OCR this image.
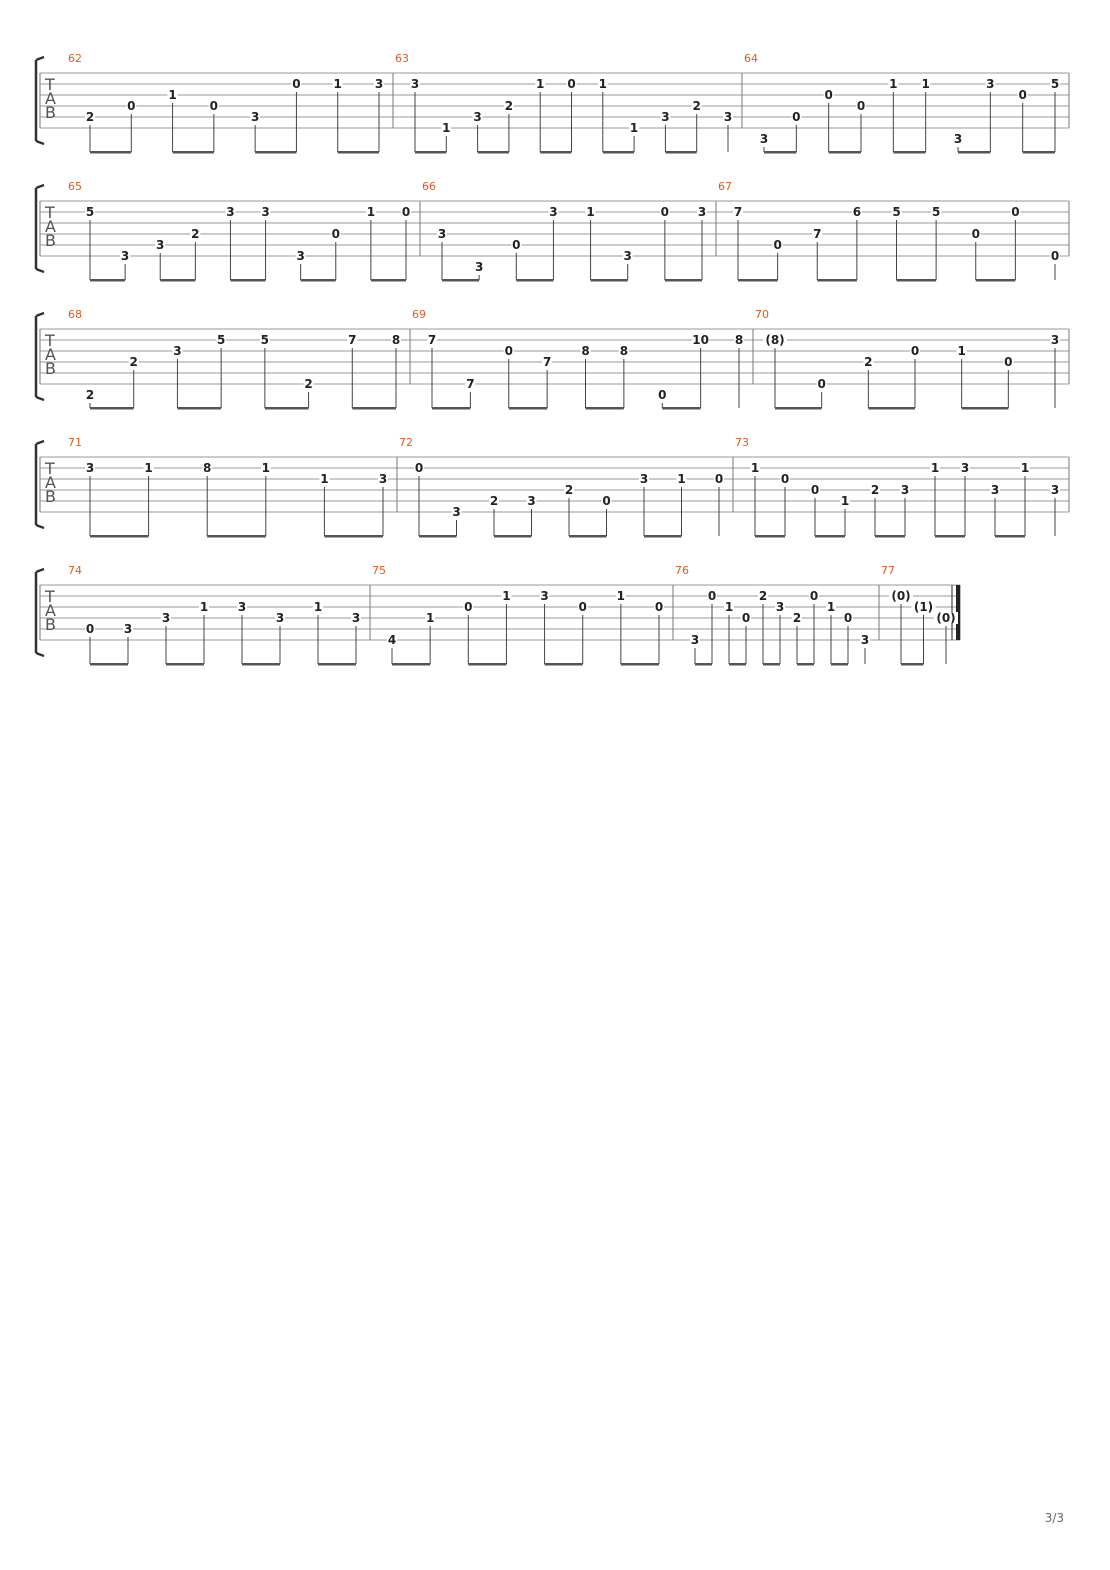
T
A
B
62
2
0
1
0
3
0	1	3
63
3
1
3
2
1 0 1
1
3
2
3
64
3
0
0
0
1 1
3
3
0
5
T
A
B
65
5
3
3
2
3 3
3
0
1 0
66
3
3
0
3 1
3
0 3
67
7
0
7
6	5	5
0
0
0
T
A
B
68
2
2
3
5	5
2
7	8
69
7
7
0
7
8	8
0
10 8
70
(8)
0
2
0	1
0
3
T
A
B
71
3	1	8	1
1	3
72
0
3
2 3
2
0
3 1 0
73
1
0
0
1
2 3
1 3
3
1
3
T
A
B
74
0 3
3
1 3
3
1
3
75
4
1
0
1 3
0
1
0
76
3
0
1
0
2
3
2
0
1
0
3
77
(0)
(1)
(0)
3/3
